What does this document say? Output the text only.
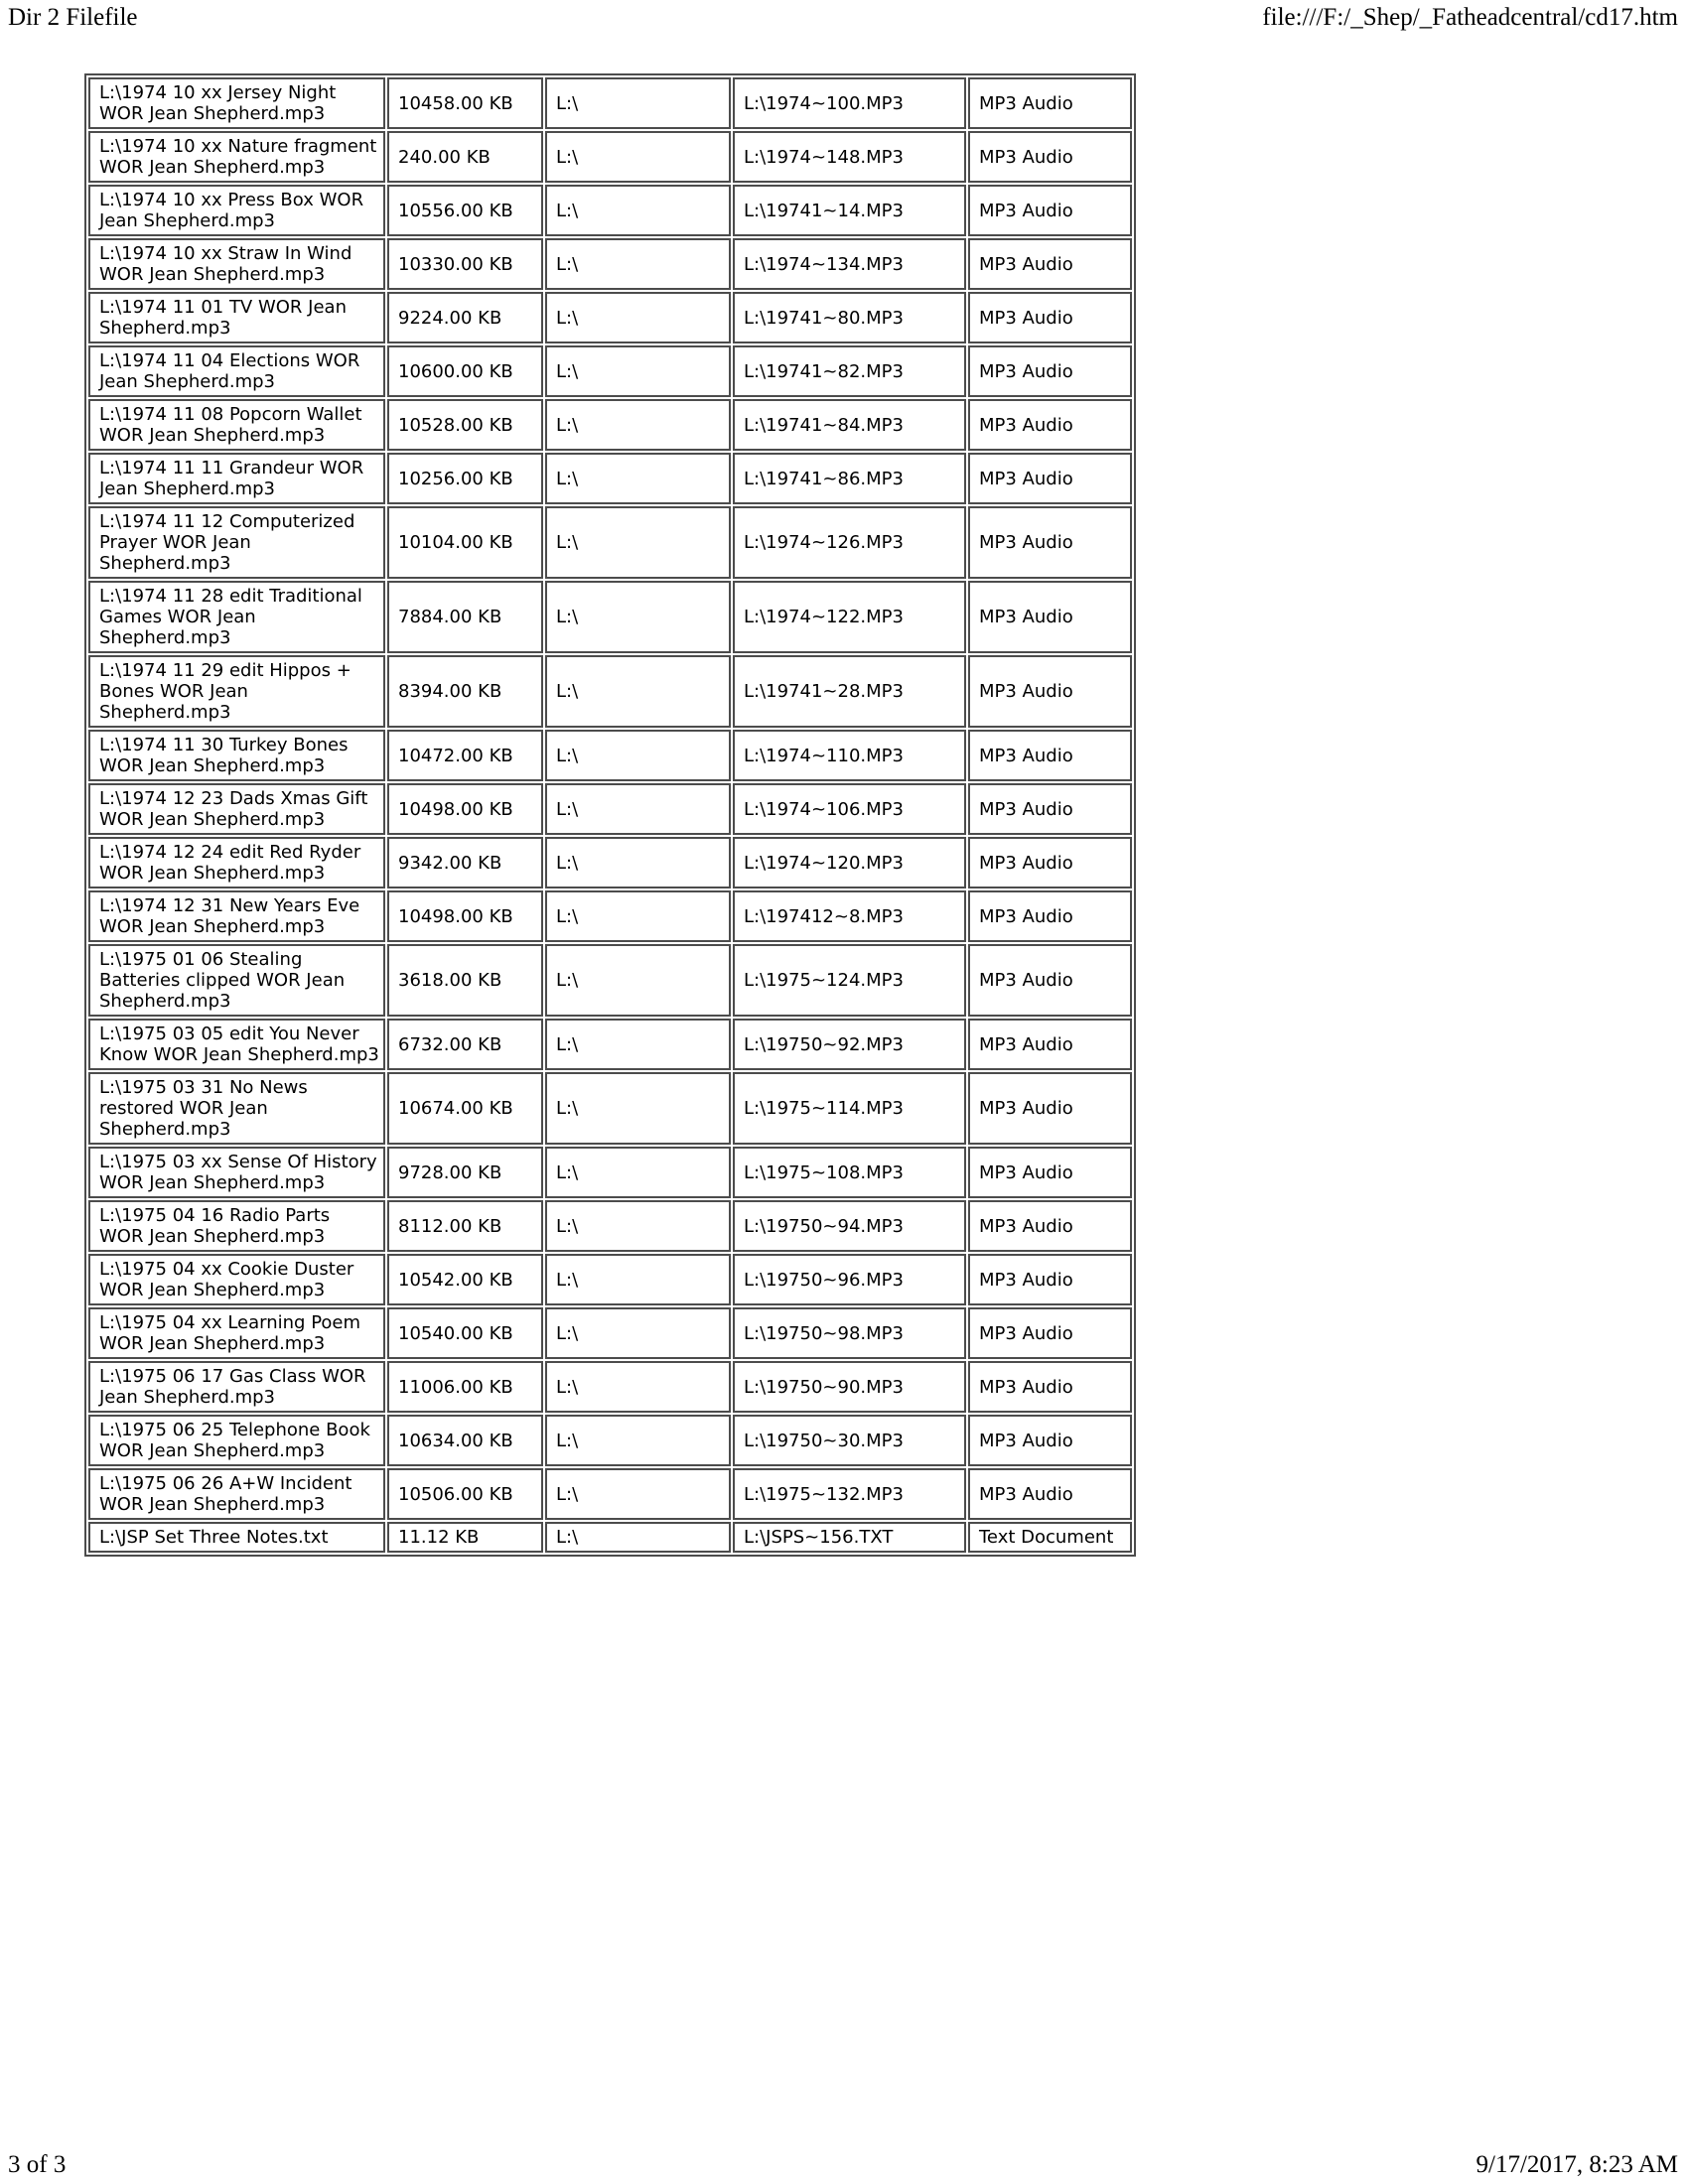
Dir 2 Filefile	file:///F:/_Shep/_Fatheadcentral/cd17.htm
L:\1974 10 xx Jersey Night WOR Jean Shepherd.mp3	10458.00 KB	L:\	L:\1974~100.MP3	MP3 Audio
L:\1974 10 xx Nature fragment WOR Jean Shepherd.mp3	240.00 KB	L:\	L:\1974~148.MP3	MP3 Audio
L:\1974 10 xx Press Box WOR Jean Shepherd.mp3	10556.00 KB	L:\	L:\19741~14.MP3	MP3 Audio
L:\1974 10 xx Straw In Wind WOR Jean Shepherd.mp3	10330.00 KB	L:\	L:\1974~134.MP3	MP3 Audio
L:\1974 11 01 TV WOR Jean Shepherd.mp3	9224.00 KB	L:\	L:\19741~80.MP3	MP3 Audio
L:\1974 11 04 Elections WOR Jean Shepherd.mp3	10600.00 KB	L:\	L:\19741~82.MP3	MP3 Audio
L:\1974 11 08 Popcorn Wallet WOR Jean Shepherd.mp3	10528.00 KB	L:\	L:\19741~84.MP3	MP3 Audio
L:\1974 11 11 Grandeur WOR Jean Shepherd.mp3	10256.00 KB	L:\	L:\19741~86.MP3	MP3 Audio
L:\1974 11 12 Computerized Prayer WOR Jean Shepherd.mp3	10104.00 KB	L:\	L:\1974~126.MP3	MP3 Audio
L:\1974 11 28 edit Traditional Games WOR Jean Shepherd.mp3	7884.00 KB	L:\	L:\1974~122.MP3	MP3 Audio
L:\1974 11 29 edit Hippos + Bones WOR Jean Shepherd.mp3	8394.00 KB	L:\	L:\19741~28.MP3	MP3 Audio
L:\1974 11 30 Turkey Bones WOR Jean Shepherd.mp3	10472.00 KB	L:\	L:\1974~110.MP3	MP3 Audio
L:\1974 12 23 Dads Xmas Gift WOR Jean Shepherd.mp3	10498.00 KB	L:\	L:\1974~106.MP3	MP3 Audio
L:\1974 12 24 edit Red Ryder WOR Jean Shepherd.mp3	9342.00 KB	L:\	L:\1974~120.MP3	MP3 Audio
L:\1974 12 31 New Years Eve WOR Jean Shepherd.mp3	10498.00 KB	L:\	L:\197412~8.MP3	MP3 Audio
L:\1975 01 06 Stealing Batteries clipped WOR Jean Shepherd.mp3	3618.00 KB	L:\	L:\1975~124.MP3	MP3 Audio
L:\1975 03 05 edit You Never Know WOR Jean Shepherd.mp3	6732.00 KB	L:\	L:\19750~92.MP3	MP3 Audio
L:\1975 03 31 No News restored WOR Jean Shepherd.mp3	10674.00 KB	L:\	L:\1975~114.MP3	MP3 Audio
L:\1975 03 xx Sense Of History WOR Jean Shepherd.mp3	9728.00 KB	L:\	L:\1975~108.MP3	MP3 Audio
L:\1975 04 16 Radio Parts WOR Jean Shepherd.mp3	8112.00 KB	L:\	L:\19750~94.MP3	MP3 Audio
L:\1975 04 xx Cookie Duster WOR Jean Shepherd.mp3	10542.00 KB	L:\	L:\19750~96.MP3	MP3 Audio
L:\1975 04 xx Learning Poem WOR Jean Shepherd.mp3	10540.00 KB	L:\	L:\19750~98.MP3	MP3 Audio
L:\1975 06 17 Gas Class WOR Jean Shepherd.mp3	11006.00 KB	L:\	L:\19750~90.MP3	MP3 Audio
L:\1975 06 25 Telephone Book WOR Jean Shepherd.mp3	10634.00 KB	L:\	L:\19750~30.MP3	MP3 Audio
L:\1975 06 26 A+W Incident WOR Jean Shepherd.mp3	10506.00 KB	L:\	L:\1975~132.MP3	MP3 Audio
L:\JSP Set Three Notes.txt	11.12 KB	L:\	L:\JSPS~156.TXT	Text Document
3 of 3	9/17/2017, 8:23 AM
